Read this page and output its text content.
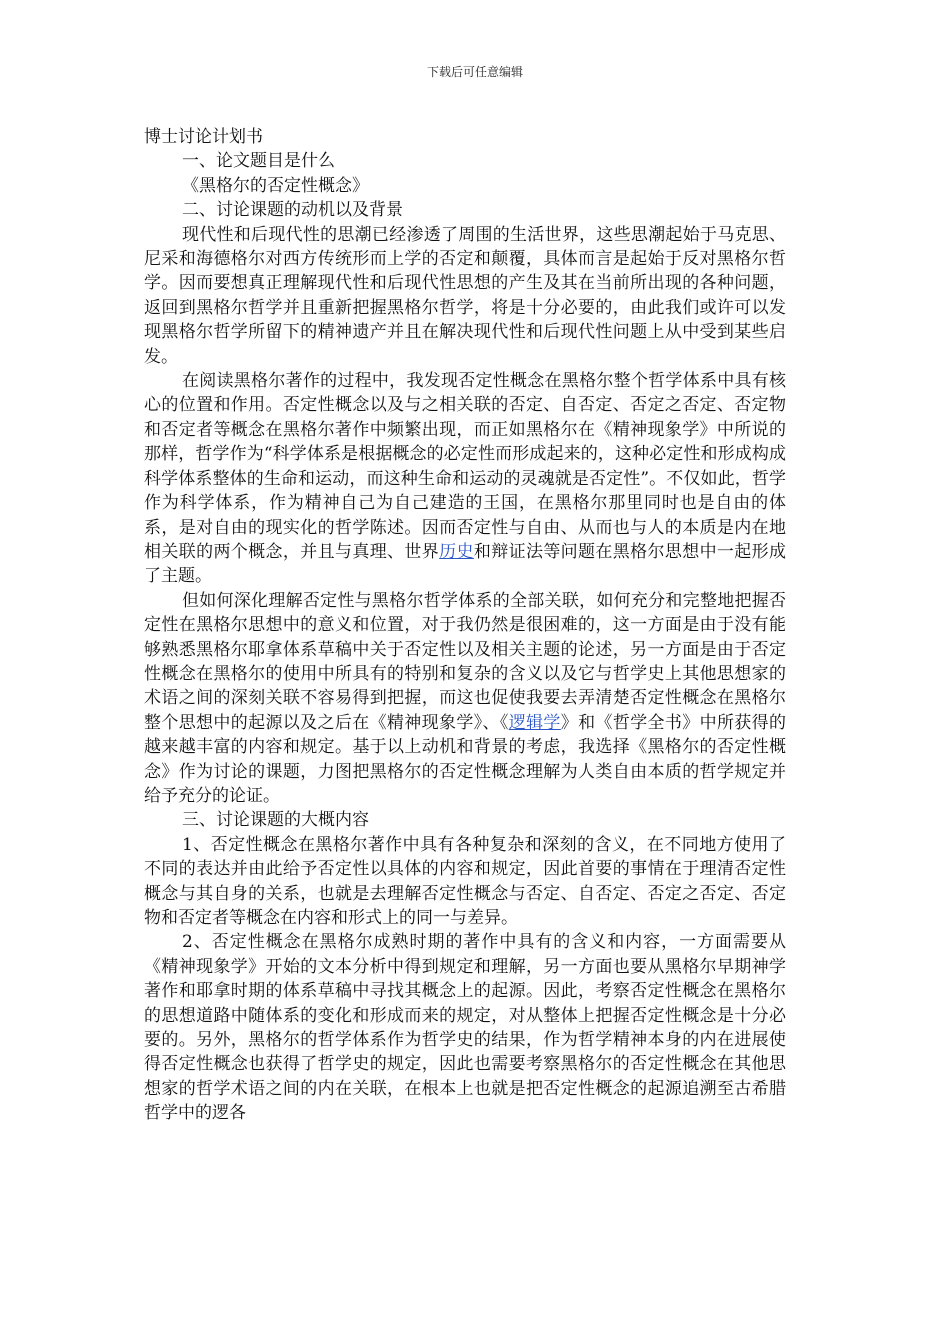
下载后可任意编辑

博士讨论计划书

一、论文题目是什么

《黑格尔的否定性概念》

二、讨论课题的动机以及背景

现代性和后现代性的思潮已经渗透了周围的生活世界，这些思潮起始于马克思、尼采和海德格尔对西方传统形而上学的否定和颠覆，具体而言是起始于反对黑格尔哲学。因而要想真正理解现代性和后现代性思想的产生及其在当前所出现的各种问题，返回到黑格尔哲学并且重新把握黑格尔哲学，将是十分必要的，由此我们或许可以发现黑格尔哲学所留下的精神遗产并且在解决现代性和后现代性问题上从中受到某些启发。

在阅读黑格尔著作的过程中，我发现否定性概念在黑格尔整个哲学体系中具有核心的位置和作用。否定性概念以及与之相关联的否定、自否定、否定之否定、否定物和否定者等概念在黑格尔著作中频繁出现，而正如黑格尔在《精神现象学》中所说的那样，哲学作为“科学体系是根据概念的必定性而形成起来的，这种必定性和形成构成科学体系整体的生命和运动，而这种生命和运动的灵魂就是否定性”。不仅如此，哲学作为科学体系，作为精神自己为自己建造的王国，在黑格尔那里同时也是自由的体系，是对自由的现实化的哲学陈述。因而否定性与自由、从而也与人的本质是内在地相关联的两个概念，并且与真理、世界历史和辩证法等问题在黑格尔思想中一起形成了主题。

但如何深化理解否定性与黑格尔哲学体系的全部关联，如何充分和完整地把握否定性在黑格尔思想中的意义和位置，对于我仍然是很困难的，这一方面是由于没有能够熟悉黑格尔耶拿体系草稿中关于否定性以及相关主题的论述，另一方面是由于否定性概念在黑格尔的使用中所具有的特别和复杂的含义以及它与哲学史上其他思想家的术语之间的深刻关联不容易得到把握，而这也促使我要去弄清楚否定性概念在黑格尔整个思想中的起源以及之后在《精神现象学》、《逻辑学》和《哲学全书》中所获得的越来越丰富的内容和规定。基于以上动机和背景的考虑，我选择《黑格尔的否定性概念》作为讨论的课题，力图把黑格尔的否定性概念理解为人类自由本质的哲学规定并给予充分的论证。

三、讨论课题的大概内容

1、否定性概念在黑格尔著作中具有各种复杂和深刻的含义，在不同地方使用了不同的表达并由此给予否定性以具体的内容和规定，因此首要的事情在于理清否定性概念与其自身的关系，也就是去理解否定性概念与否定、自否定、否定之否定、否定物和否定者等概念在内容和形式上的同一与差异。

2、否定性概念在黑格尔成熟时期的著作中具有的含义和内容，一方面需要从《精神现象学》开始的文本分析中得到规定和理解，另一方面也要从黑格尔早期神学著作和耶拿时期的体系草稿中寻找其概念上的起源。因此，考察否定性概念在黑格尔的思想道路中随体系的变化和形成而来的规定，对从整体上把握否定性概念是十分必要的。另外，黑格尔的哲学体系作为哲学史的结果，作为哲学精神本身的内在进展使得否定性概念也获得了哲学史的规定，因此也需要考察黑格尔的否定性概念在其他思想家的哲学术语之间的内在关联，在根本上也就是把否定性概念的起源追溯至古希腊哲学中的逻各
